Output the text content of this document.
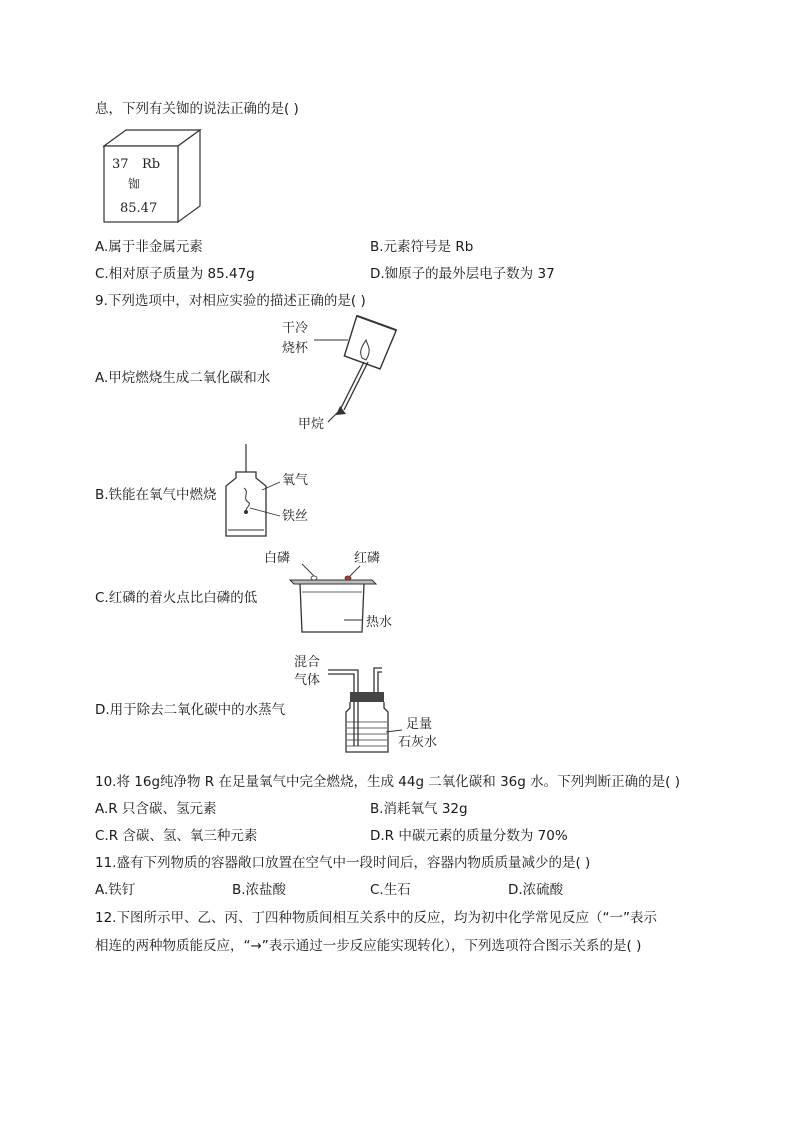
息，下列有关铷的说法正确的是( )
37 Rb
铷
85.47
A.属于非金属元素	B.元素符号是 Rb
C.相对原子质量为 85.47g	D.铷原子的最外层电子数为 37
9.下列选项中，对相应实验的描述正确的是( )
A.甲烷燃烧生成二氧化碳和水
干冷
烧杯
甲烷
B.铁能在氧气中燃烧
氧气
铁丝
C.红磷的着火点比白磷的低
白磷	红磷
热水
D.用于除去二氧化碳中的水蒸气
混合
气体
足量
石灰水
10.将 16g纯净物 R 在足量氧气中完全燃烧，生成 44g 二氧化碳和 36g 水。下列判断正确的是( )
A.R 只含碳、氢元素	B.消耗氧气 32g
C.R 含碳、氢、氧三种元素	D.R 中碳元素的质量分数为 70%
11.盛有下列物质的容器敞口放置在空气中一段时间后，容器内物质质量减少的是( )
A.铁钉	B.浓盐酸	C.生石	D.浓硫酸
12.下图所示甲、乙、丙、丁四种物质间相互关系中的反应，均为初中化学常见反应（“一”表示
相连的两种物质能反应，“→”表示通过一步反应能实现转化），下列选项符合图示关系的是( )
